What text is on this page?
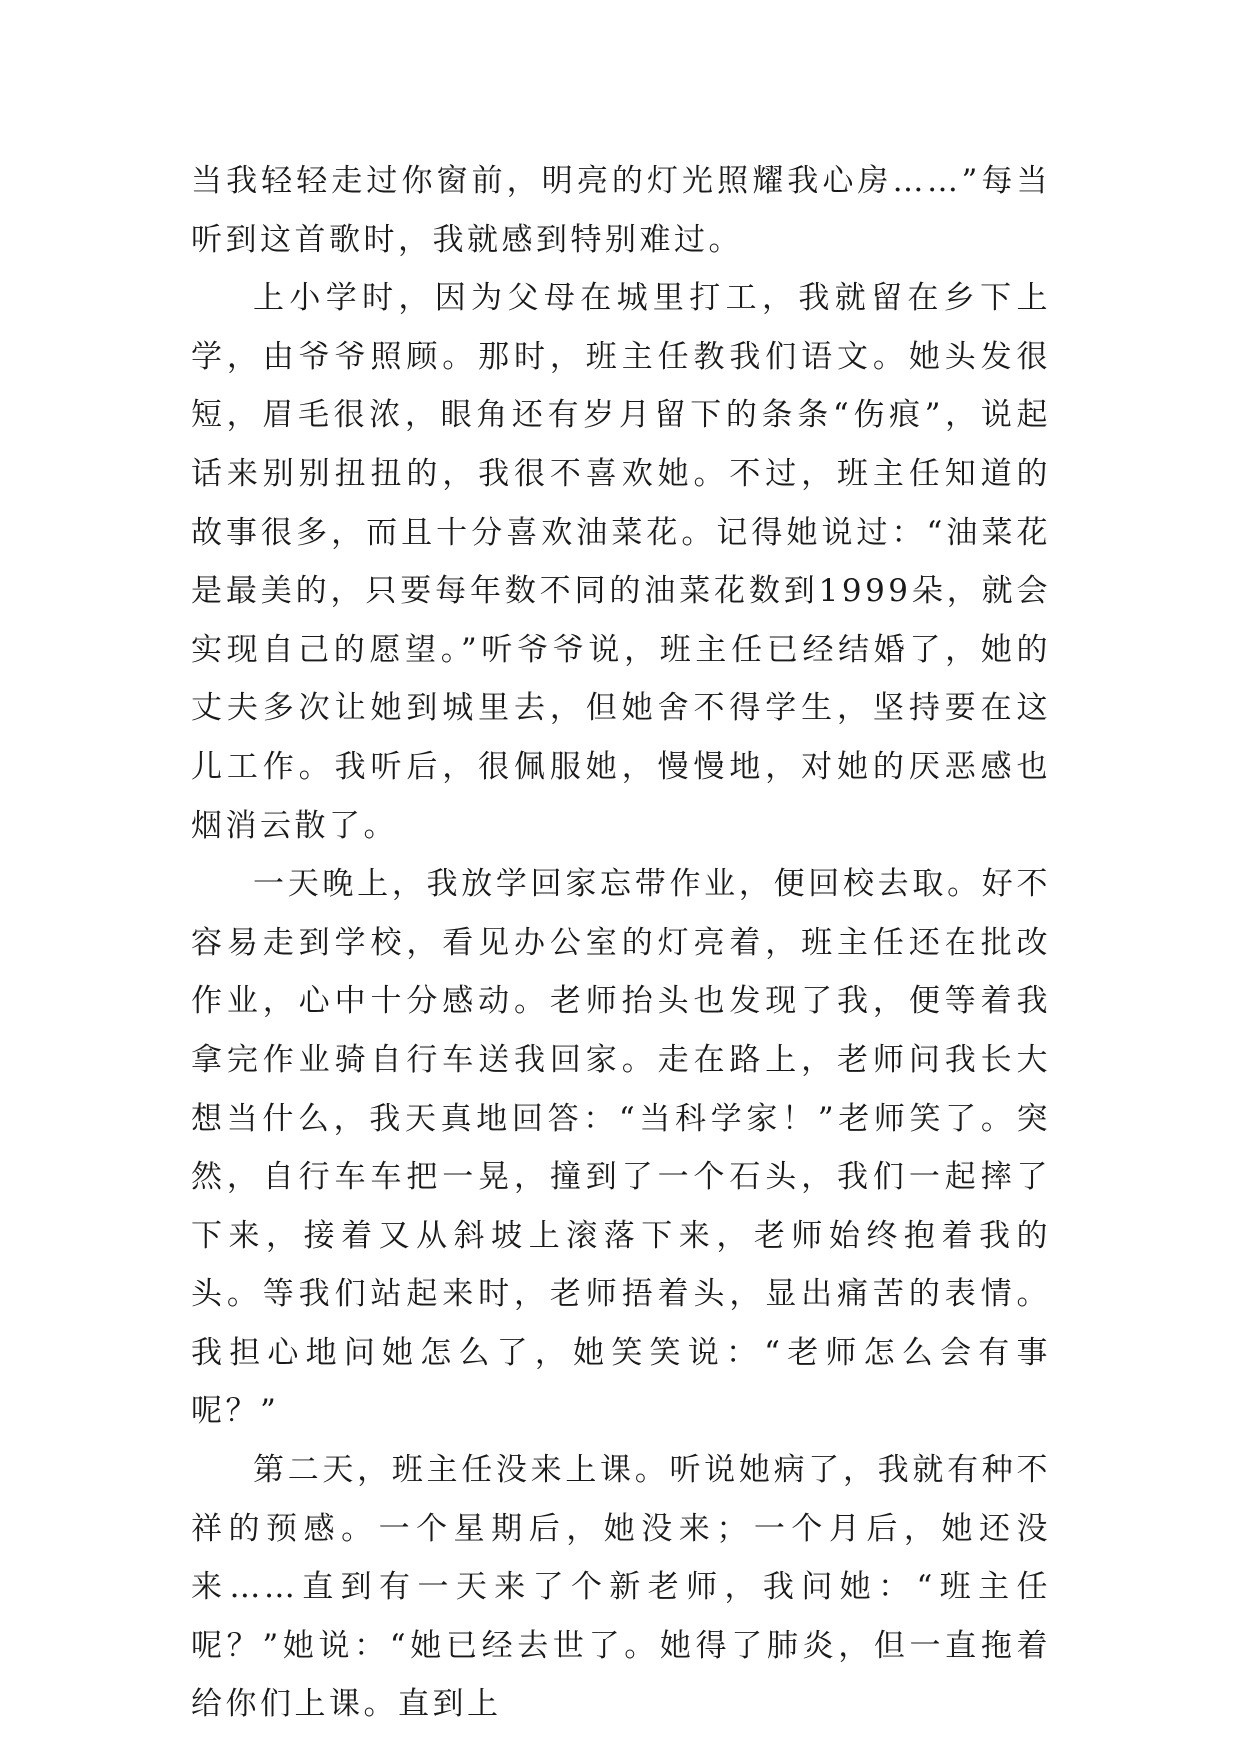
当我轻轻走过你窗前，明亮的灯光照耀我心房……”每当听到这首歌时，我就感到特别难过。

上小学时，因为父母在城里打工，我就留在乡下上学，由爷爷照顾。那时，班主任教我们语文。她头发很短，眉毛很浓，眼角还有岁月留下的条条“伤痕”，说起话来别别扭扭的，我很不喜欢她。不过，班主任知道的故事很多，而且十分喜欢油菜花。记得她说过：“油菜花是最美的，只要每年数不同的油菜花数到1999朵，就会实现自己的愿望。”听爷爷说，班主任已经结婚了，她的丈夫多次让她到城里去，但她舍不得学生，坚持要在这儿工作。我听后，很佩服她，慢慢地，对她的厌恶感也烟消云散了。

一天晚上，我放学回家忘带作业，便回校去取。好不容易走到学校，看见办公室的灯亮着，班主任还在批改作业，心中十分感动。老师抬头也发现了我，便等着我拿完作业骑自行车送我回家。走在路上，老师问我长大想当什么，我天真地回答：“当科学家！”老师笑了。突然，自行车车把一晃，撞到了一个石头，我们一起摔了下来，接着又从斜坡上滚落下来，老师始终抱着我的头。等我们站起来时，老师捂着头，显出痛苦的表情。我担心地问她怎么了，她笑笑说：“老师怎么会有事呢？”

第二天，班主任没来上课。听说她病了，我就有种不祥的预感。一个星期后，她没来；一个月后，她还没来……直到有一天来了个新老师，我问她：“班主任呢？”她说：“她已经去世了。她得了肺炎，但一直拖着给你们上课。直到上
